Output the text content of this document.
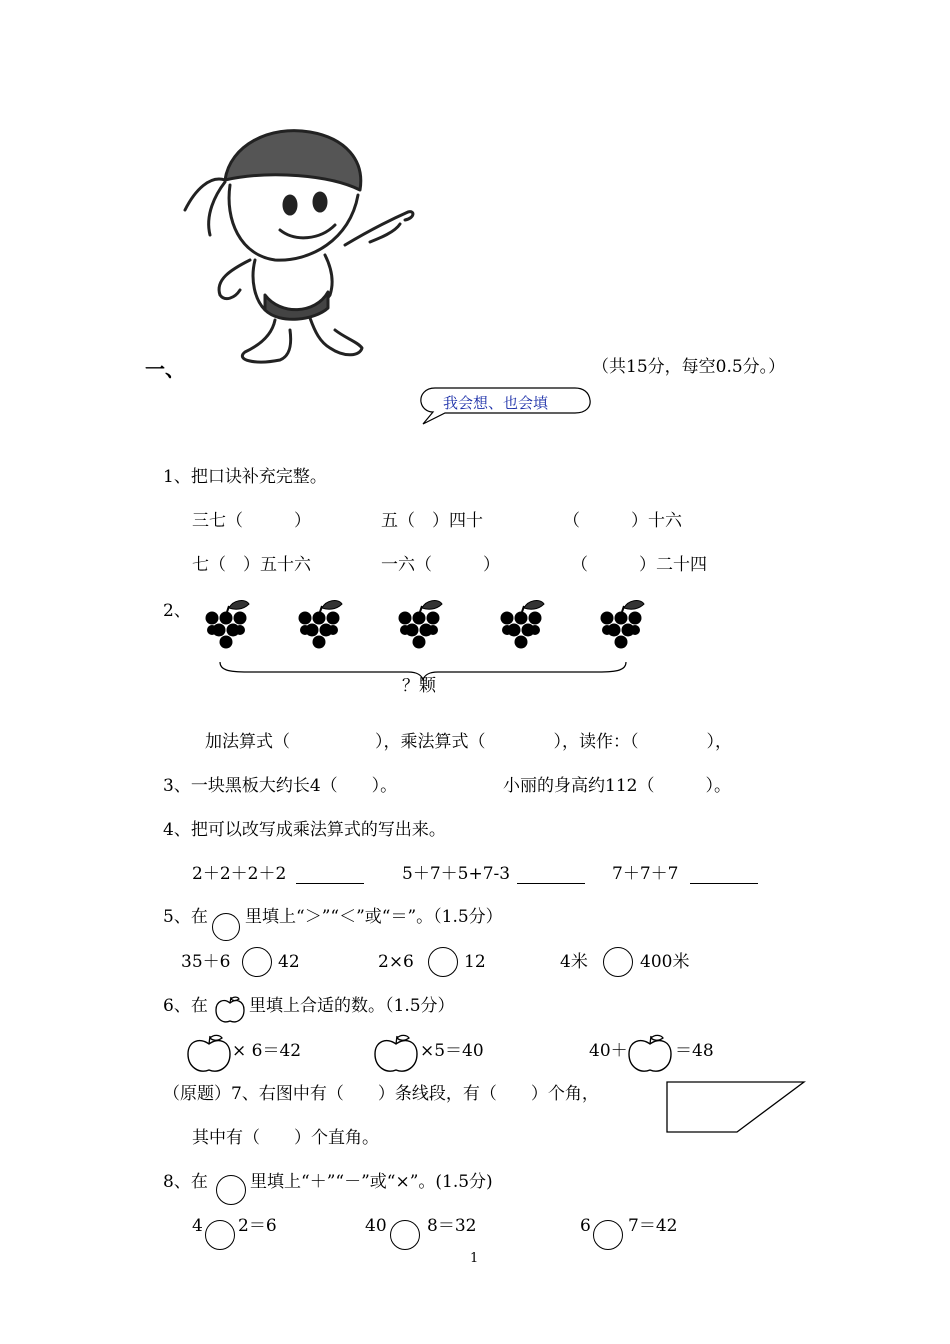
一、	（共15分，每空0.5分。）
我会想、也会填
1、把口诀补充完整。
三七（　　　）	五（　）四十	（　　　）十六
七（　）五十六	一六（　　　）	（　　　）二十四
2、
？颗
加法算式（　　　　　），乘法算式（　　　　），读作：（　　　　），
3、一块黑板大约长4（　　）。	小丽的身高约112（　　　）。
4、把可以改写成乘法算式的写出来。
2＋2＋2＋2	5＋7＋5+7-3	7＋7＋7
5、在 里填上“＞”“＜”或“＝”。（1.5分）
35＋6	42	2×6	12	4米	400米
6、在 里填上合适的数。（1.5分）
× 6＝42	×5＝40	40＋	＝48
（原题）7、右图中有（　　）条线段，有（　　）个角，
其中有（　　）个直角。
8、在 里填上“＋”“－”或“×”。(1.5分)
4 2＝6	40 8＝32	6 7＝42
1
